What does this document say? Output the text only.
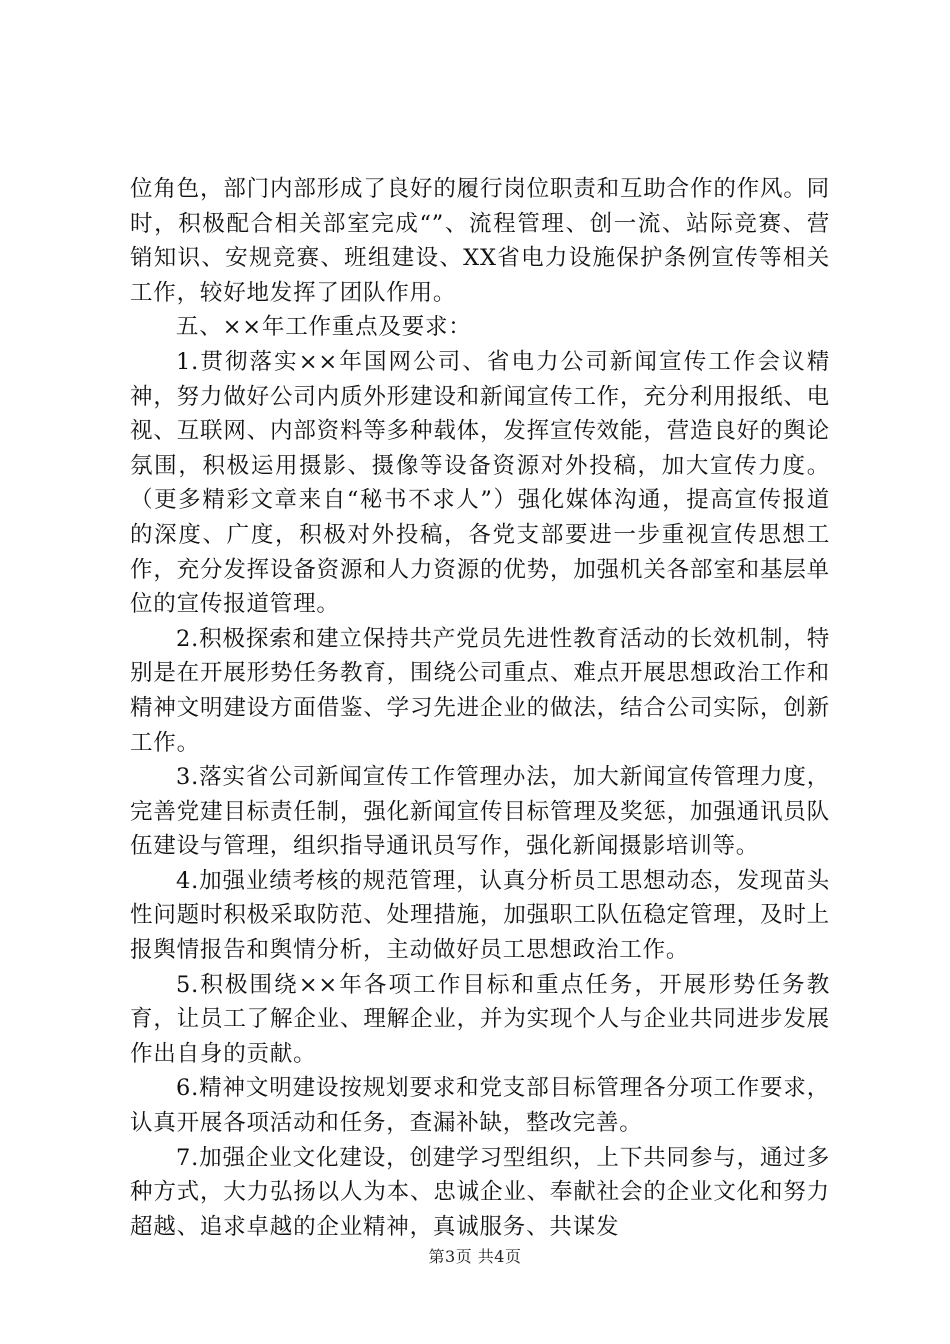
位角色，部门内部形成了良好的履行岗位职责和互助合作的作风。同时，积极配合相关部室完成“”、流程管理、创一流、站际竞赛、营销知识、安规竞赛、班组建设、XX省电力设施保护条例宣传等相关工作，较好地发挥了团队作用。

五、××年工作重点及要求：

1.贯彻落实××年国网公司、省电力公司新闻宣传工作会议精神，努力做好公司内质外形建设和新闻宣传工作，充分利用报纸、电视、互联网、内部资料等多种载体，发挥宣传效能，营造良好的舆论氛围，积极运用摄影、摄像等设备资源对外投稿，加大宣传力度。（更多精彩文章来自“秘书不求人”）强化媒体沟通，提高宣传报道的深度、广度，积极对外投稿，各党支部要进一步重视宣传思想工作，充分发挥设备资源和人力资源的优势，加强机关各部室和基层单位的宣传报道管理。

2.积极探索和建立保持共产党员先进性教育活动的长效机制，特别是在开展形势任务教育，围绕公司重点、难点开展思想政治工作和精神文明建设方面借鉴、学习先进企业的做法，结合公司实际，创新工作。

3.落实省公司新闻宣传工作管理办法，加大新闻宣传管理力度，完善党建目标责任制，强化新闻宣传目标管理及奖惩，加强通讯员队伍建设与管理，组织指导通讯员写作，强化新闻摄影培训等。

4.加强业绩考核的规范管理，认真分析员工思想动态，发现苗头性问题时积极采取防范、处理措施，加强职工队伍稳定管理，及时上报舆情报告和舆情分析，主动做好员工思想政治工作。

5.积极围绕××年各项工作目标和重点任务，开展形势任务教育，让员工了解企业、理解企业，并为实现个人与企业共同进步发展作出自身的贡献。

6.精神文明建设按规划要求和党支部目标管理各分项工作要求，认真开展各项活动和任务，查漏补缺，整改完善。

7.加强企业文化建设，创建学习型组织，上下共同参与，通过多种方式，大力弘扬以人为本、忠诚企业、奉献社会的企业文化和努力超越、追求卓越的企业精神，真诚服务、共谋发

第3页 共4页
